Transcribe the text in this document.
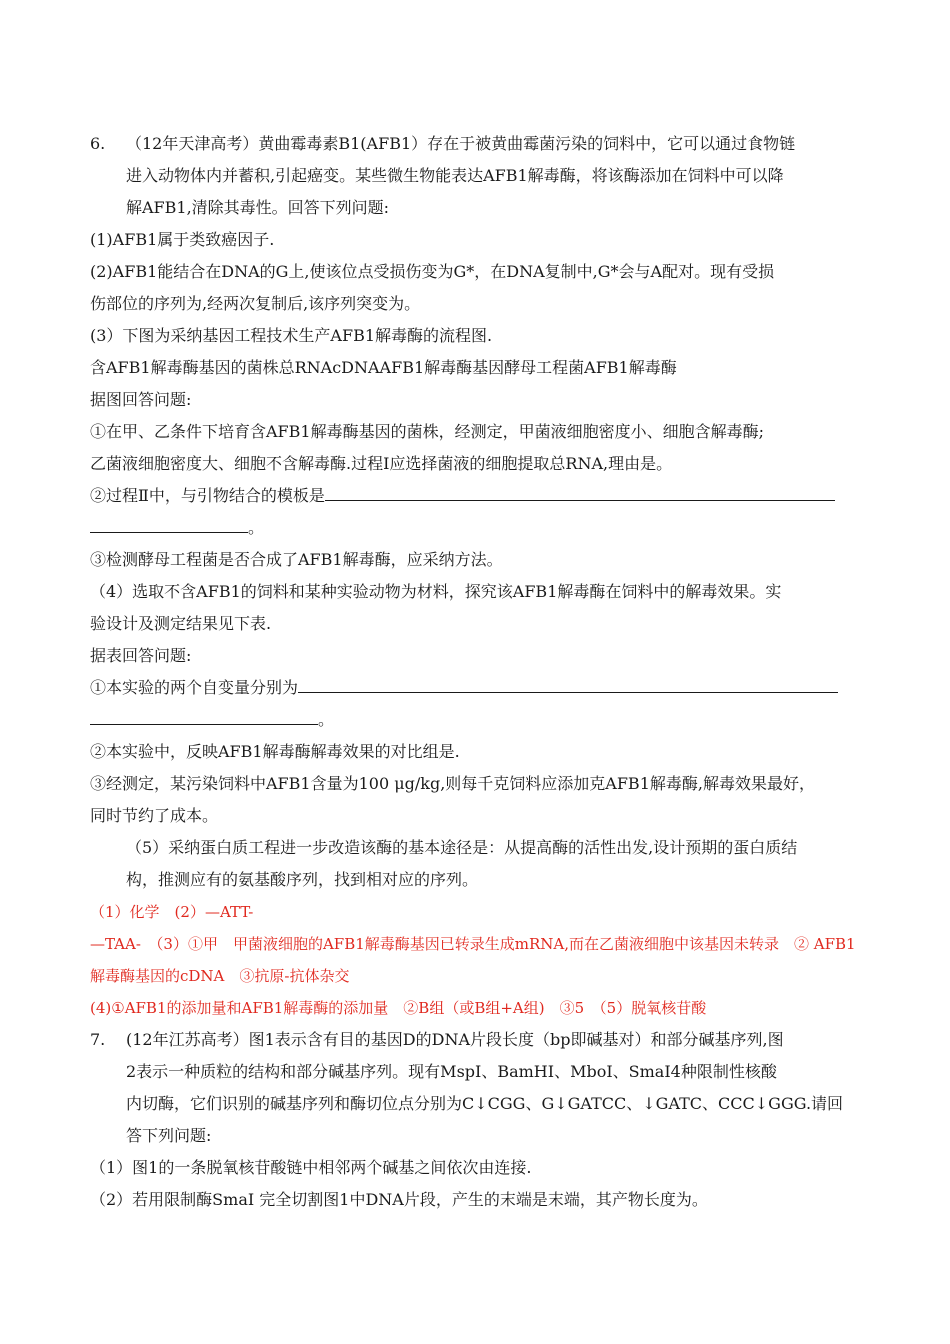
6. （12年天津高考）黄曲霉毒素B1(AFB1）存在于被黄曲霉菌污染的饲料中，它可以通过食物链
进入动物体内并蓄积,引起癌变。某些微生物能表达AFB1解毒酶，将该酶添加在饲料中可以降
解AFB1,清除其毒性。回答下列问题:
(1)AFB1属于类致癌因子.
(2)AFB1能结合在DNA的G上,使该位点受损伤变为G*，在DNA复制中,G*会与A配对。现有受损
伤部位的序列为,经两次复制后,该序列突变为。
(3）下图为采纳基因工程技术生产AFB1解毒酶的流程图.
含AFB1解毒酶基因的菌株总RNAcDNAAFB1解毒酶基因酵母工程菌AFB1解毒酶
据图回答问题:
①在甲、乙条件下培育含AFB1解毒酶基因的菌株，经测定，甲菌液细胞密度小、细胞含解毒酶;
乙菌液细胞密度大、细胞不含解毒酶.过程Ⅰ应选择菌液的细胞提取总RNA,理由是。
②过程Ⅱ中，与引物结合的模板是
。
③检测酵母工程菌是否合成了AFB1解毒酶，应采纳方法。
（4）选取不含AFB1的饲料和某种实验动物为材料，探究该AFB1解毒酶在饲料中的解毒效果。实
验设计及测定结果见下表.
据表回答问题:
①本实验的两个自变量分别为
。
②本实验中，反映AFB1解毒酶解毒效果的对比组是.
③经测定，某污染饲料中AFB1含量为100 μg/kg,则每千克饲料应添加克AFB1解毒酶,解毒效果最好，
同时节约了成本。
（5）采纳蛋白质工程进一步改造该酶的基本途径是：从提高酶的活性出发,设计预期的蛋白质结
构，推测应有的氨基酸序列，找到相对应的序列。
（1）化学　(2）—ATT-
—TAA-　（3）①甲　甲菌液细胞的AFB1解毒酶基因已转录生成mRNA,而在乙菌液细胞中该基因未转录　② AFB1
解毒酶基因的cDNA　③抗原-抗体杂交
(4)①AFB1的添加量和AFB1解毒酶的添加量　②B组（或B组+A组)　③5　（5）脱氧核苷酸
7. (12年江苏高考）图1表示含有目的基因D的DNA片段长度（bp即碱基对）和部分碱基序列,图
2表示一种质粒的结构和部分碱基序列。现有MspⅠ、BamHⅠ、MboⅠ、SmaⅠ4种限制性核酸
内切酶，它们识别的碱基序列和酶切位点分别为C↓CGG、G↓GATCC、↓GATC、CCC↓GGG.请回
答下列问题:
（1）图1的一条脱氧核苷酸链中相邻两个碱基之间依次由连接.
（2）若用限制酶SmaⅠ 完全切割图1中DNA片段，产生的末端是末端，其产物长度为。
